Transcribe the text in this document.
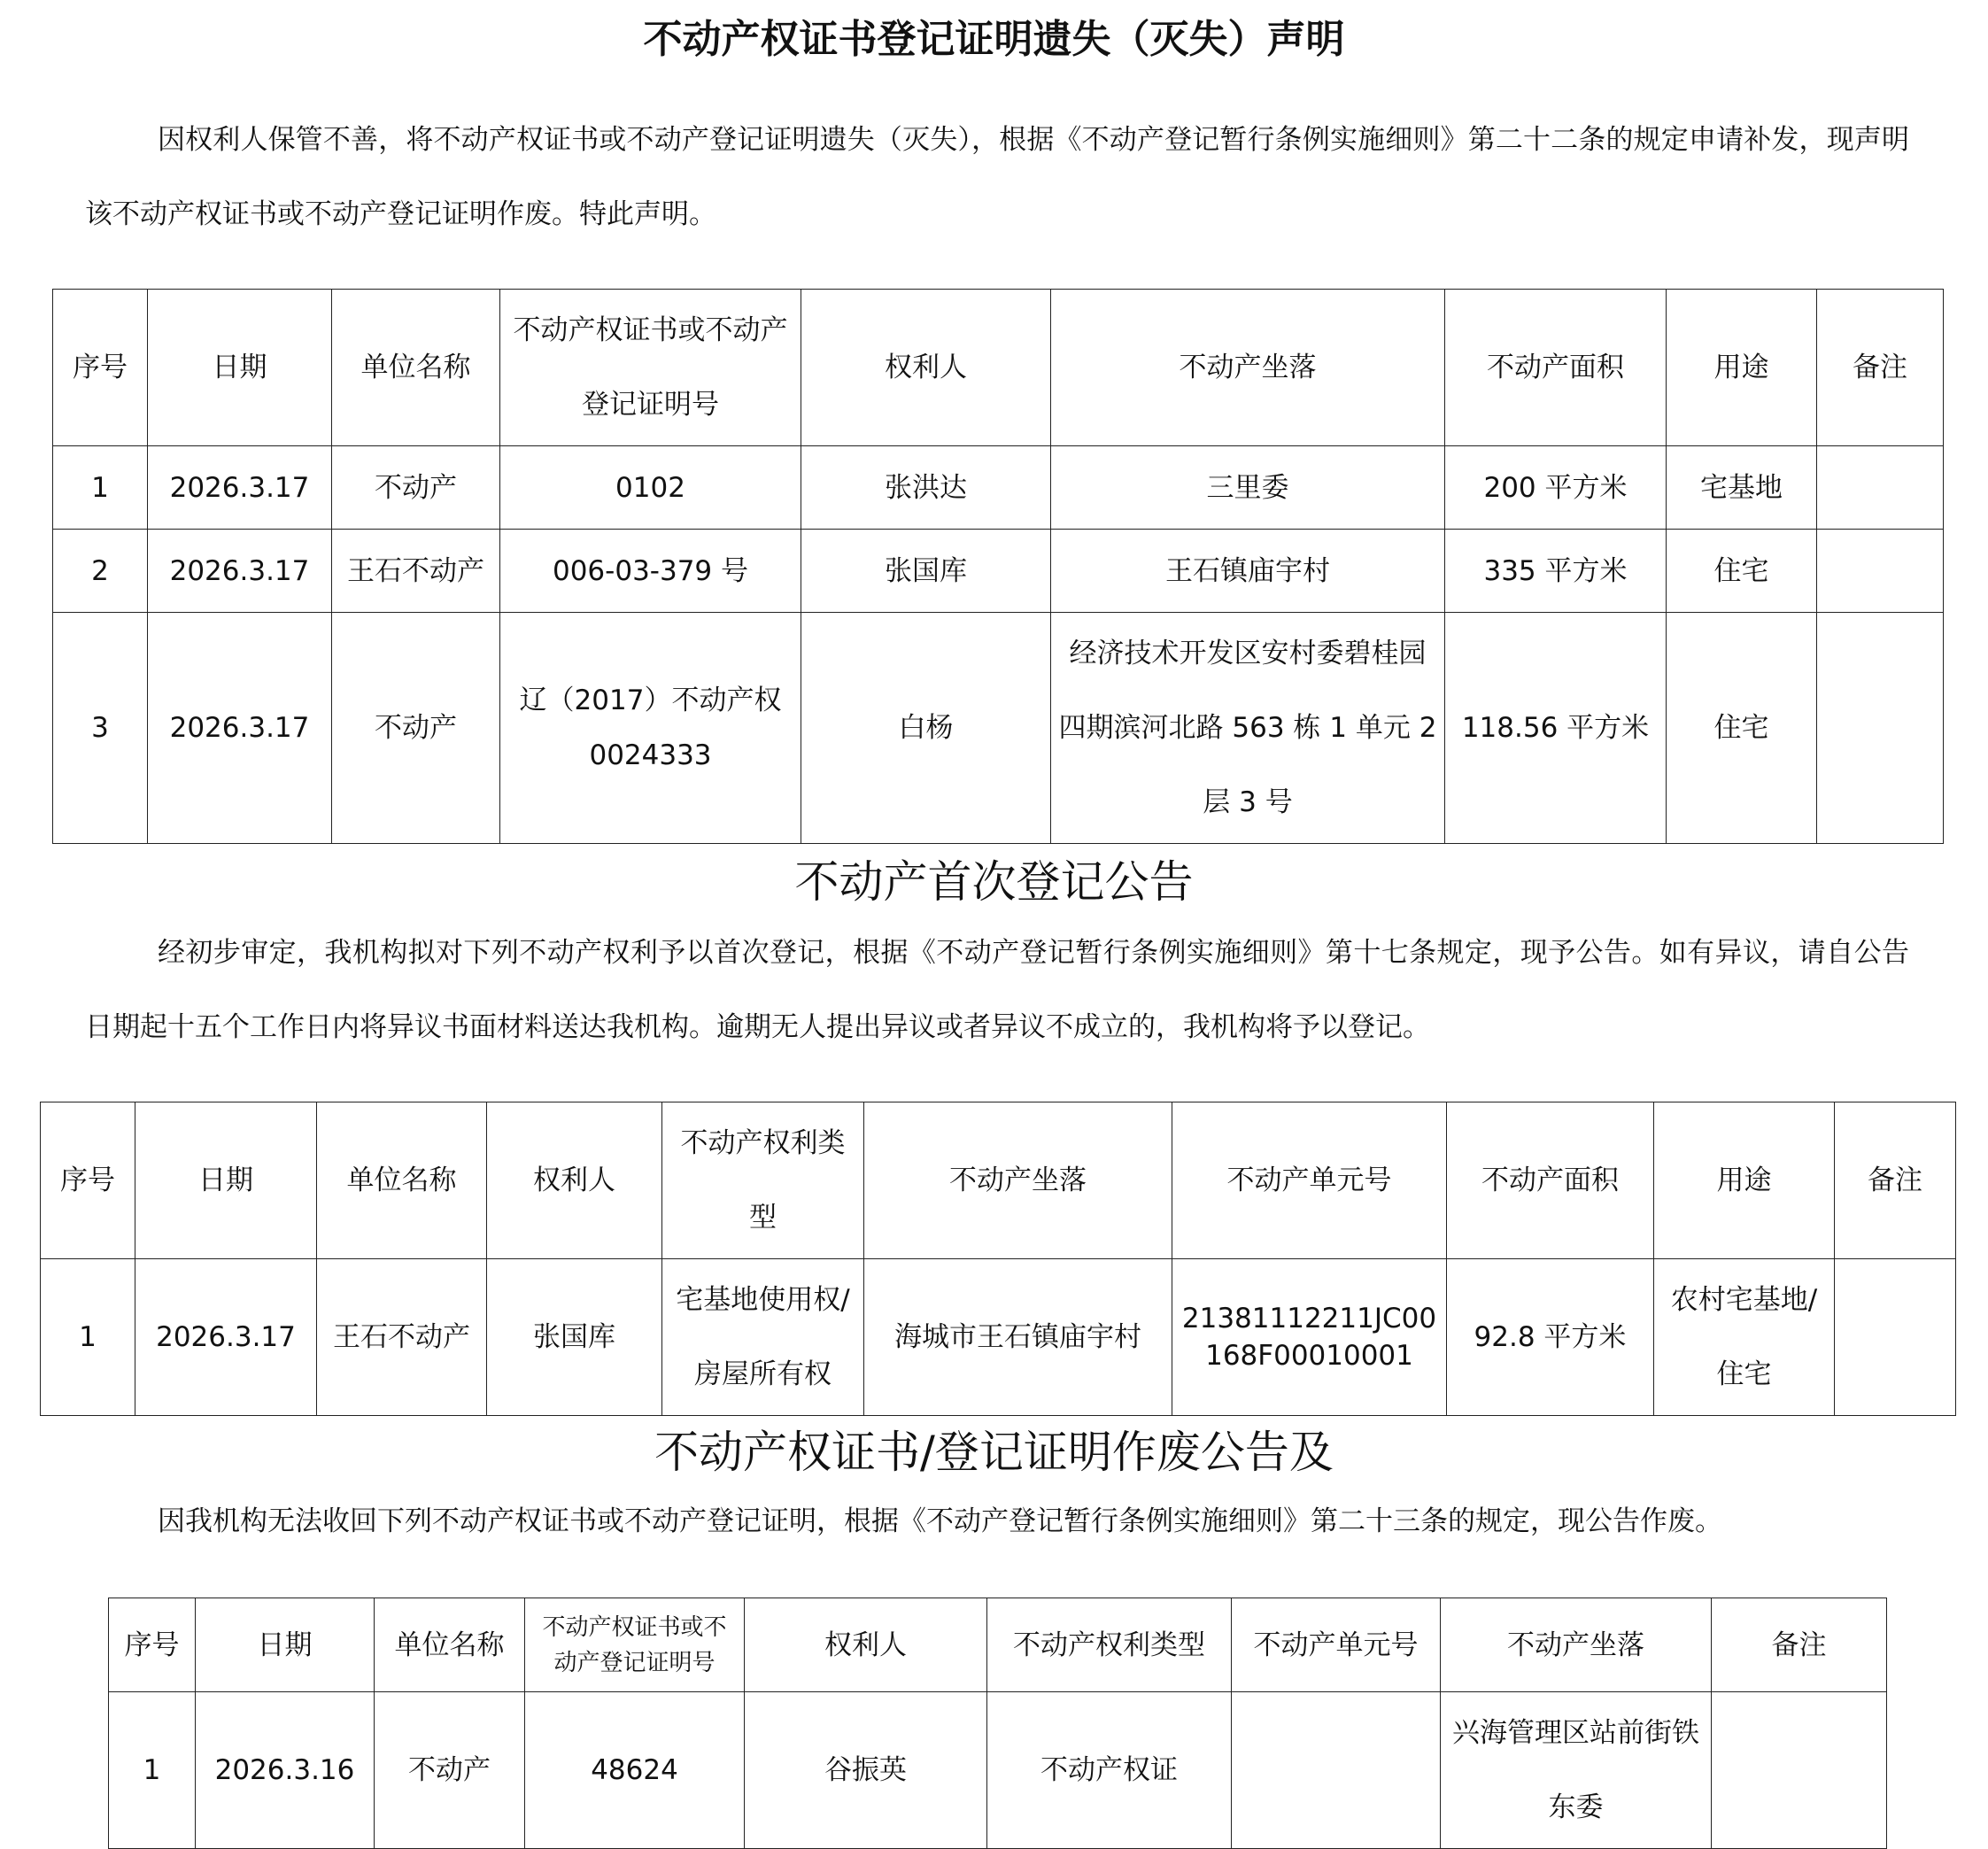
不动产权证书登记证明遗失（灭失）声明

因权利人保管不善，将不动产权证书或不动产登记证明遗失（灭失），根据《不动产登记暂行条例实施细则》第二十二条的规定申请补发，现声明该不动产权证书或不动产登记证明作废。特此声明。

序号	日期	单位名称	不动产权证书或不动产登记证明号	权利人	不动产坐落	不动产面积	用途	备注
1	2026.3.17	不动产	0102	张洪达	三里委	200 平方米	宅基地	
2	2026.3.17	王石不动产	006-03-379 号	张国库	王石镇庙宇村	335 平方米	住宅	
3	2026.3.17	不动产	辽（2017）不动产权 0024333	白杨	经济技术开发区安村委碧桂园四期滨河北路 563 栋 1 单元 2 层 3 号	118.56 平方米	住宅	
不动产首次登记公告

经初步审定，我机构拟对下列不动产权利予以首次登记，根据《不动产登记暂行条例实施细则》第十七条规定，现予公告。如有异议，请自公告日期起十五个工作日内将异议书面材料送达我机构。逾期无人提出异议或者异议不成立的，我机构将予以登记。

序号	日期	单位名称	权利人	不动产权利类型	不动产坐落	不动产单元号	不动产面积	用途	备注
1	2026.3.17	王石不动产	张国库	宅基地使用权/房屋所有权	海城市王石镇庙宇村	21381112211JC00168F00010001	92.8 平方米	农村宅基地/住宅	
不动产权证书/登记证明作废公告及

因我机构无法收回下列不动产权证书或不动产登记证明，根据《不动产登记暂行条例实施细则》第二十三条的规定，现公告作废。

序号	日期	单位名称	不动产权证书或不动产登记证明号	权利人	不动产权利类型	不动产单元号	不动产坐落	备注
1	2026.3.16	不动产	48624	谷振英	不动产权证		兴海管理区站前街铁东委	
